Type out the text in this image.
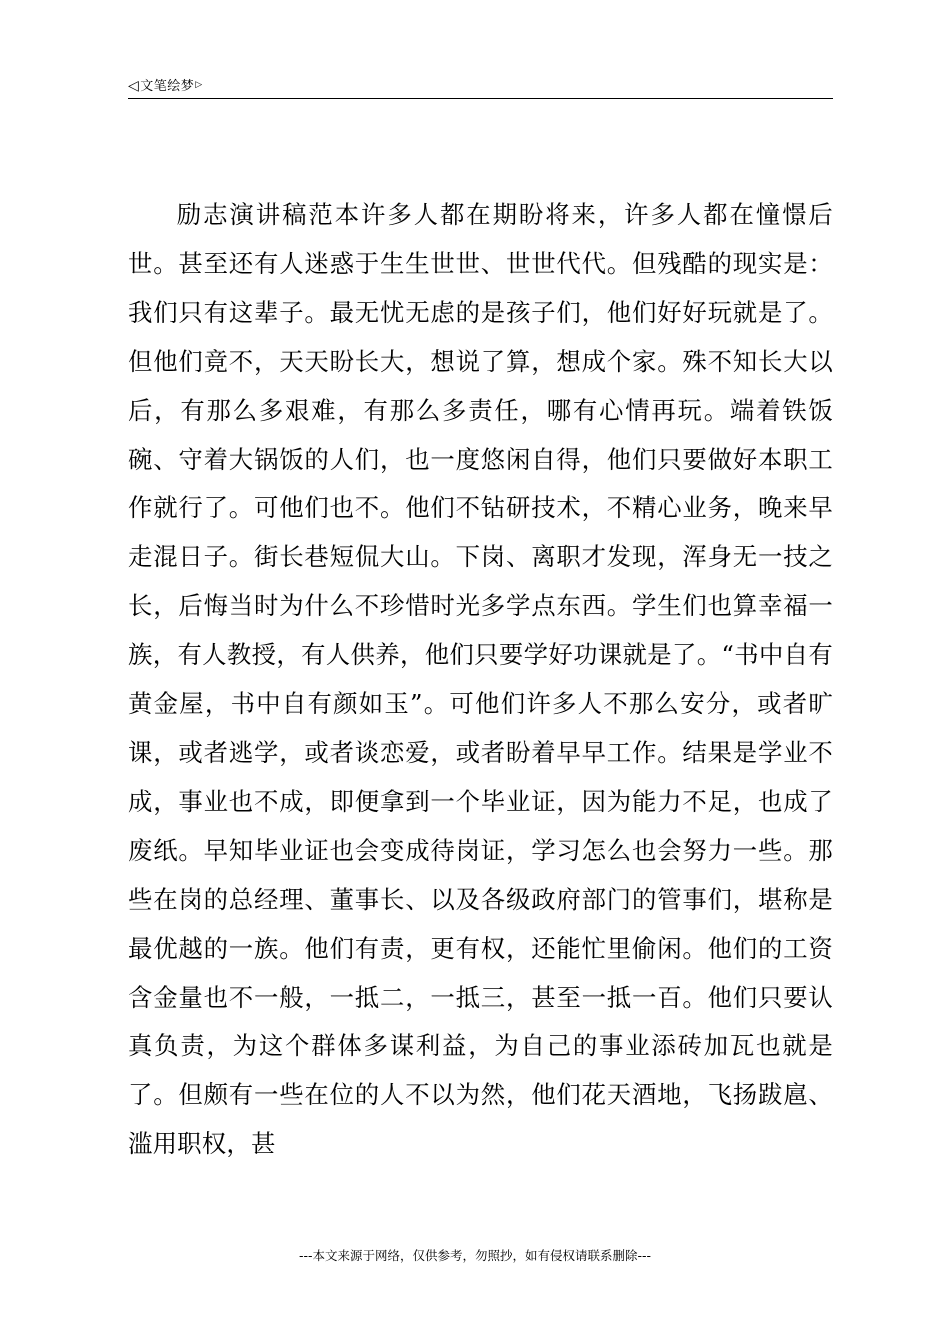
◁文笔绘梦▷

励志演讲稿范本许多人都在期盼将来，许多人都在憧憬后世。甚至还有人迷惑于生生世世、世世代代。但残酷的现实是：我们只有这辈子。最无忧无虑的是孩子们，他们好好玩就是了。但他们竟不，天天盼长大，想说了算，想成个家。殊不知长大以后，有那么多艰难，有那么多责任，哪有心情再玩。端着铁饭碗、守着大锅饭的人们，也一度悠闲自得，他们只要做好本职工作就行了。可他们也不。他们不钻研技术，不精心业务，晚来早走混日子。街长巷短侃大山。下岗、离职才发现，浑身无一技之长，后悔当时为什么不珍惜时光多学点东西。学生们也算幸福一族，有人教授，有人供养，他们只要学好功课就是了。“书中自有黄金屋，书中自有颜如玉”。可他们许多人不那么安分，或者旷课，或者逃学，或者谈恋爱，或者盼着早早工作。结果是学业不成，事业也不成，即便拿到一个毕业证，因为能力不足，也成了废纸。早知毕业证也会变成待岗证，学习怎么也会努力一些。那些在岗的总经理、董事长、以及各级政府部门的管事们，堪称是最优越的一族。他们有责，更有权，还能忙里偷闲。他们的工资含金量也不一般，一抵二，一抵三，甚至一抵一百。他们只要认真负责，为这个群体多谋利益，为自己的事业添砖加瓦也就是了。但颇有一些在位的人不以为然，他们花天酒地，飞扬跋扈、滥用职权，甚

---本文来源于网络，仅供参考，勿照抄，如有侵权请联系删除---
